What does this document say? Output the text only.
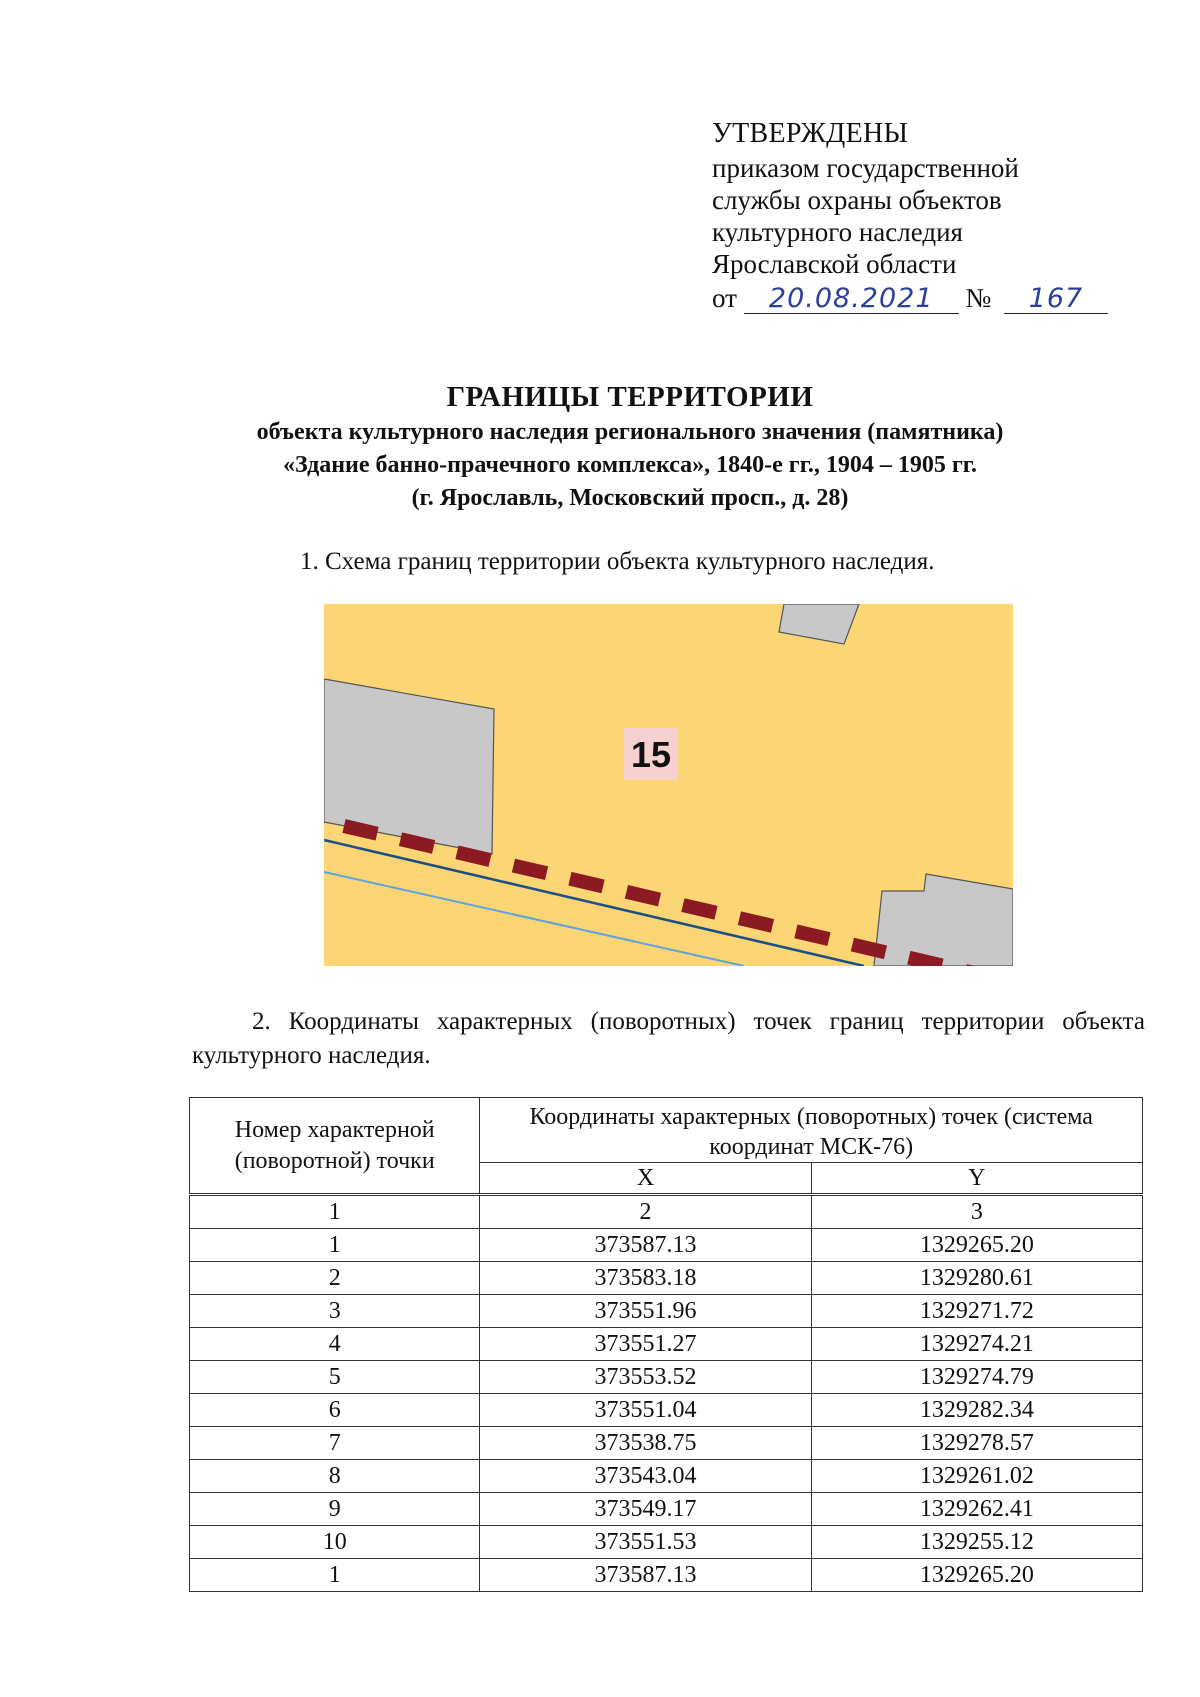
УТВЕРЖДЕНЫ
приказом государственной
службы охраны объектов
культурного наследия
Ярославской области
от 20.08.2021 № 167
ГРАНИЦЫ ТЕРРИТОРИИ
объекта культурного наследия регионального значения (памятника)
«Здание банно-прачечного комплекса», 1840-е гг., 1904 – 1905 гг.
(г. Ярославль, Московский просп., д. 28)
1. Схема границ территории объекта культурного наследия.
15
2. Координаты характерных (поворотных) точек границ территории объекта культурного наследия.
Номер характерной (поворотной) точки	Координаты характерных (поворотных) точек (система координат МСК-76)	
	X	Y
1	2	3
1	373587.13	1329265.20
2	373583.18	1329280.61
3	373551.96	1329271.72
4	373551.27	1329274.21
5	373553.52	1329274.79
6	373551.04	1329282.34
7	373538.75	1329278.57
8	373543.04	1329261.02
9	373549.17	1329262.41
10	373551.53	1329255.12
1	373587.13	1329265.20
